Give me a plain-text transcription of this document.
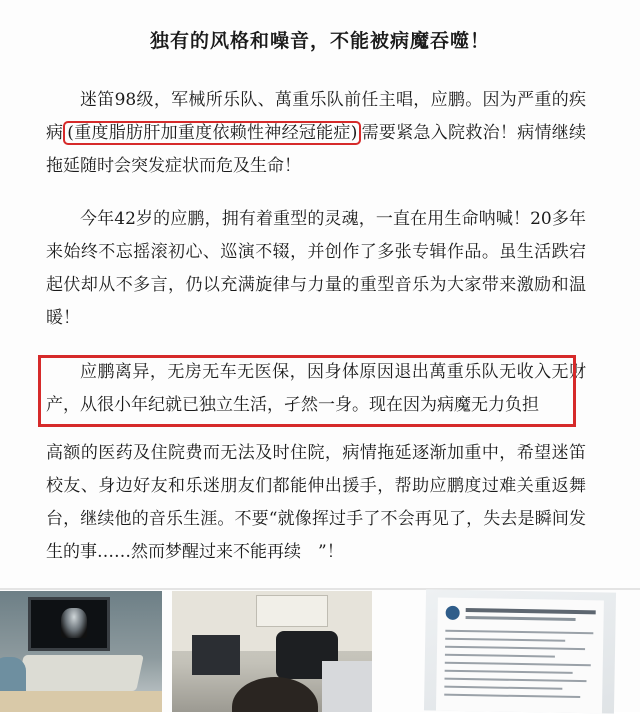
独有的风格和噪音，不能被病魔吞噬！

迷笛98级，军械所乐队、萬重乐队前任主唱，应鹏。因为严重的疾病 (重度脂肪肝加重度依赖性神经冠能症) 需要紧急入院救治！病情继续拖延随时会突发症状而危及生命！

今年42岁的应鹏，拥有着重型的灵魂，一直在用生命呐喊！20多年来始终不忘摇滚初心、巡演不辍，并创作了多张专辑作品。虽生活跌宕起伏却从不多言，仍以充满旋律与力量的重型音乐为大家带来激励和温暖！

应鹏离异，无房无车无医保，因身体原因退出萬重乐队无收入无财产，从很小年纪就已独立生活，孑然一身。现在因为病魔无力负担

高额的医药及住院费而无法及时住院，病情拖延逐渐加重中，希望迷笛校友、身边好友和乐迷朋友们都能伸出援手，帮助应鹏度过难关重返舞台，继续他的音乐生涯。不要“就像挥过手了不会再见了，失去是瞬间发生的事……然而梦醒过来不能再续　”！
